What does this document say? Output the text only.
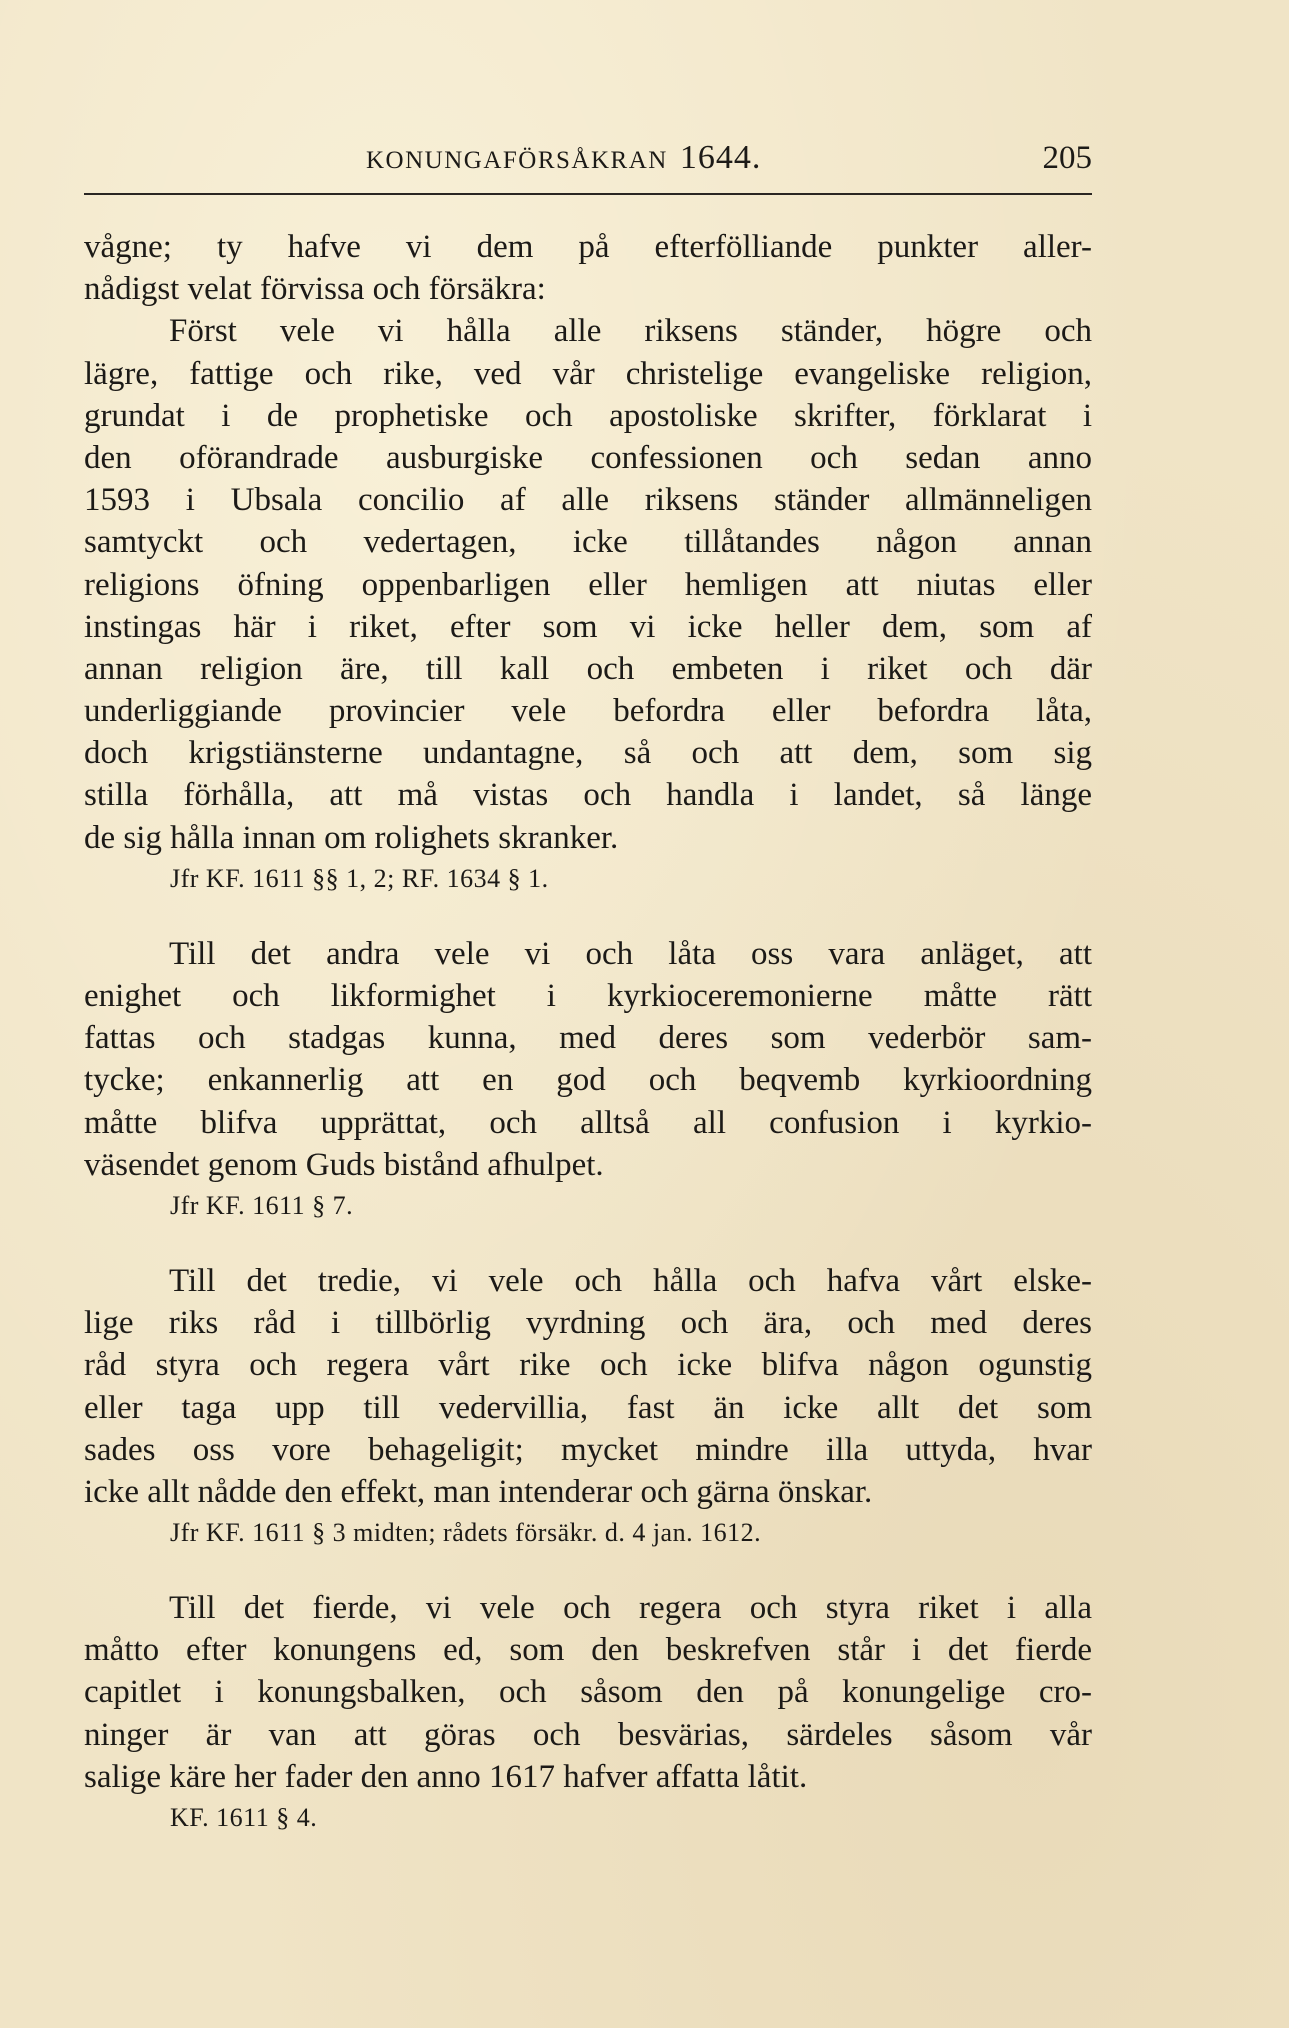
KONUNGAFÖRSÅKRAN 1644.	205
vågne; ty hafve vi dem på efterfölliande punkter aller-
nådigst velat förvissa och försäkra:
Först vele vi hålla alle riksens ständer, högre och
lägre, fattige och rike, ved vår christelige evangeliske religion,
grundat i de prophetiske och apostoliske skrifter, förklarat i
den oförandrade ausburgiske confessionen och sedan anno
1593 i Ubsala concilio af alle riksens ständer allmänneligen
samtyckt och vedertagen, icke tillåtandes någon annan
religions öfning oppenbarligen eller hemligen att niutas eller
instingas här i riket, efter som vi icke heller dem, som af
annan religion äre, till kall och embeten i riket och där
underliggiande provincier vele befordra eller befordra låta,
doch krigstiänsterne undantagne, så och att dem, som sig
stilla förhålla, att må vistas och handla i landet, så länge
de sig hålla innan om rolighets skranker.
Jfr KF. 1611 §§ 1, 2; RF. 1634 § 1.
Till det andra vele vi och låta oss vara anläget, att
enighet och likformighet i kyrkioceremonierne måtte rätt
fattas och stadgas kunna, med deres som vederbör sam-
tycke; enkannerlig att en god och beqvemb kyrkioordning
måtte blifva upprättat, och alltså all confusion i kyrkio-
väsendet genom Guds bistånd afhulpet.
Jfr KF. 1611 § 7.
Till det tredie, vi vele och hålla och hafva vårt elske-
lige riks råd i tillbörlig vyrdning och ära, och med deres
råd styra och regera vårt rike och icke blifva någon ogunstig
eller taga upp till vedervillia, fast än icke allt det som
sades oss vore behageligit; mycket mindre illa uttyda, hvar
icke allt nådde den effekt, man intenderar och gärna önskar.
Jfr KF. 1611 § 3 midten; rådets försäkr. d. 4 jan. 1612.
Till det fierde, vi vele och regera och styra riket i alla
måtto efter konungens ed, som den beskrefven står i det fierde
capitlet i konungsbalken, och såsom den på konungelige cro-
ninger är van att göras och besvärias, särdeles såsom vår
salige käre her fader den anno 1617 hafver affatta låtit.
KF. 1611 § 4.
